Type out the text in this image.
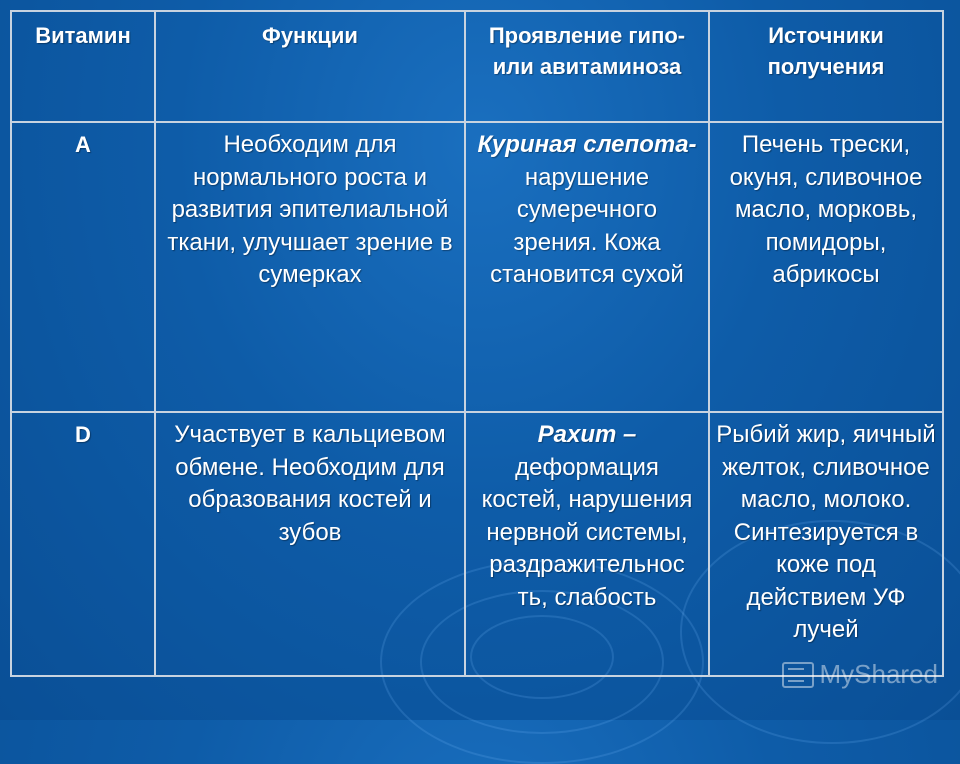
Витамин	Функции	Проявление гипо- или авитаминоза	Источники получения
A	Необходим для нормального роста и развития эпителиальной ткани, улучшает зрение в сумерках	Куриная слепота- нарушение сумеречного зрения. Кожа становится сухой	Печень трески, окуня, сливочное масло, морковь, помидоры, абрикосы
D	Участвует в кальциевом обмене. Необходим для образования костей и зубов	Рахит – деформация костей, нарушения нервной системы, раздражительнос ть, слабость	Рыбий жир, яичный желток, сливочное масло, молоко. Синтезируется в коже под действием УФ лучей
MyShared
